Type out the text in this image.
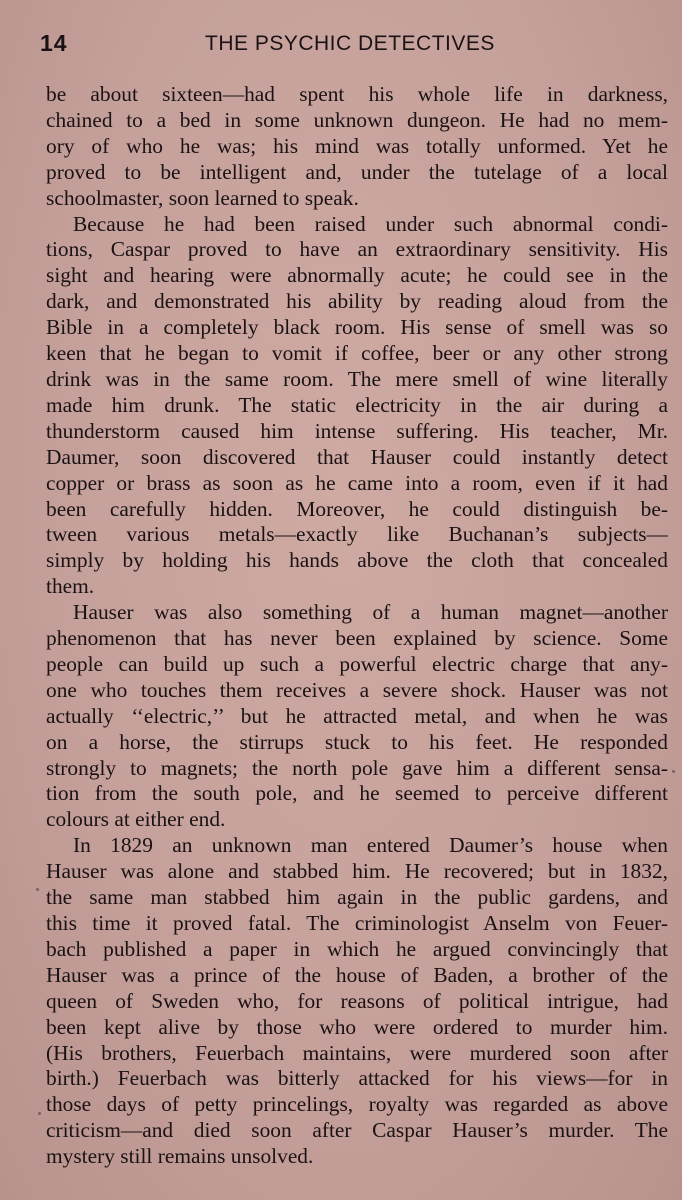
14	THE PSYCHIC DETECTIVES

be about sixteen—had spent his whole life in darkness,
chained to a bed in some unknown dungeon. He had no mem-
ory of who he was; his mind was totally unformed. Yet he
proved to be intelligent and, under the tutelage of a local
schoolmaster, soon learned to speak.

Because he had been raised under such abnormal condi-
tions, Caspar proved to have an extraordinary sensitivity. His
sight and hearing were abnormally acute; he could see in the
dark, and demonstrated his ability by reading aloud from the
Bible in a completely black room. His sense of smell was so
keen that he began to vomit if coffee, beer or any other strong
drink was in the same room. The mere smell of wine literally
made him drunk. The static electricity in the air during a
thunderstorm caused him intense suffering. His teacher, Mr.
Daumer, soon discovered that Hauser could instantly detect
copper or brass as soon as he came into a room, even if it had
been carefully hidden. Moreover, he could distinguish be-
tween various metals—exactly like Buchanan’s subjects—
simply by holding his hands above the cloth that concealed
them.

Hauser was also something of a human magnet—another
phenomenon that has never been explained by science. Some
people can build up such a powerful electric charge that any-
one who touches them receives a severe shock. Hauser was not
actually ‘‘electric,’’ but he attracted metal, and when he was
on a horse, the stirrups stuck to his feet. He responded
strongly to magnets; the north pole gave him a different sensa-
tion from the south pole, and he seemed to perceive different
colours at either end.

In 1829 an unknown man entered Daumer’s house when
Hauser was alone and stabbed him. He recovered; but in 1832,
the same man stabbed him again in the public gardens, and
this time it proved fatal. The criminologist Anselm von Feuer-
bach published a paper in which he argued convincingly that
Hauser was a prince of the house of Baden, a brother of the
queen of Sweden who, for reasons of political intrigue, had
been kept alive by those who were ordered to murder him.
(His brothers, Feuerbach maintains, were murdered soon after
birth.) Feuerbach was bitterly attacked for his views—for in
those days of petty princelings, royalty was regarded as above
criticism—and died soon after Caspar Hauser’s murder. The
mystery still remains unsolved.
